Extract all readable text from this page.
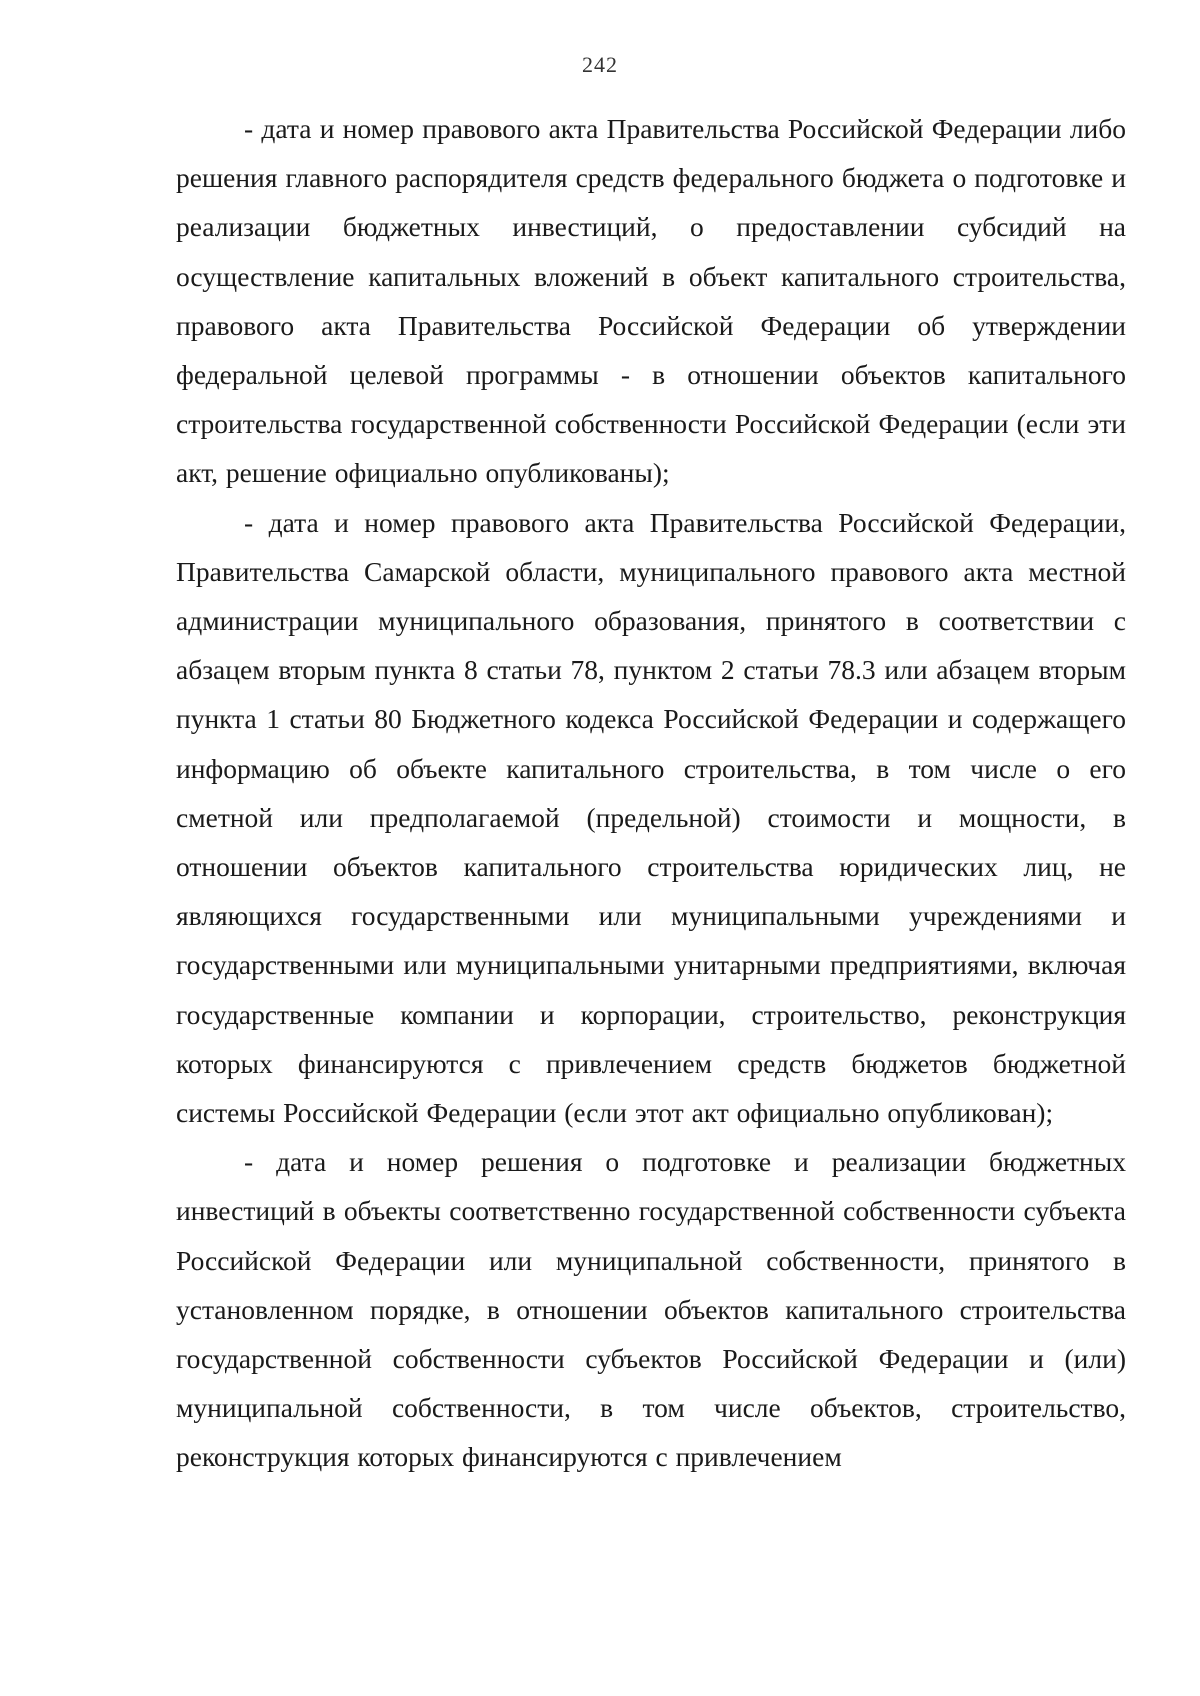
242

- дата и номер правового акта Правительства Российской Федерации либо решения главного распорядителя средств федерального бюджета о подготовке и реализации бюджетных инвестиций, о предоставлении субсидий на осуществление капитальных вложений в объект капитального строительства, правового акта Правительства Российской Федерации об утверждении федеральной целевой программы - в отношении объектов капитального строительства государственной собственности Российской Федерации (если эти акт, решение официально опубликованы);

- дата и номер правового акта Правительства Российской Федерации, Правительства Самарской области, муниципального правового акта местной администрации муниципального образования, принятого в соответствии с абзацем вторым пункта 8 статьи 78, пунктом 2 статьи 78.3 или абзацем вторым пункта 1 статьи 80 Бюджетного кодекса Российской Федерации и содержащего информацию об объекте капитального строительства, в том числе о его сметной или предполагаемой (предельной) стоимости и мощности, в отношении объектов капитального строительства юридических лиц, не являющихся государственными или муниципальными учреждениями и государственными или муниципальными унитарными предприятиями, включая государственные компании и корпорации, строительство, реконструкция которых финансируются с привлечением средств бюджетов бюджетной системы Российской Федерации (если этот акт официально опубликован);

- дата и номер решения о подготовке и реализации бюджетных инвестиций в объекты соответственно государственной собственности субъекта Российской Федерации или муниципальной собственности, принятого в установленном порядке, в отношении объектов капитального строительства государственной собственности субъектов Российской Федерации и (или) муниципальной собственности, в том числе объектов, строительство, реконструкция которых финансируются с привлечением
